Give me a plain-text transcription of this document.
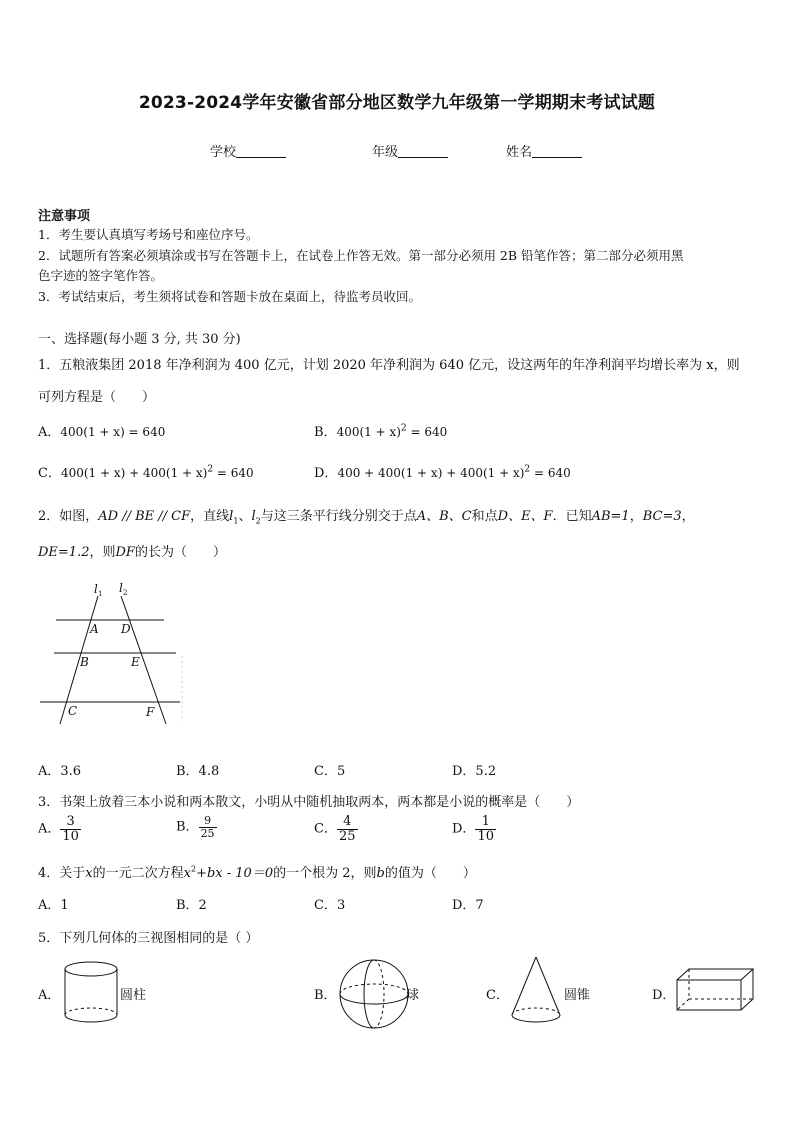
2023-2024学年安徽省部分地区数学九年级第一学期期末考试试题
学校	年级	姓名
注意事项
1．考生要认真填写考场号和座位序号。
2．试题所有答案必须填涂或书写在答题卡上，在试卷上作答无效。第一部分必须用 2B 铅笔作答；第二部分必须用黑
色字迹的签字笔作答。
3．考试结束后，考生须将试卷和答题卡放在桌面上，待监考员收回。
一、选择题(每小题 3 分, 共 30 分)
1．五粮液集团 2018 年净利润为 400 亿元，计划 2020 年净利润为 640 亿元，设这两年的年净利润平均增长率为 x，则
可列方程是（　　）
A．400(1 + x) = 640	B．$400(1 + x)^2 = 640$
C．$400(1 + x) + 400(1 + x)^2 = 640$	D．$400 + 400(1 + x) + 400(1 + x)^2 = 640$
2．如图，AD // BE // CF，直线$l_1$、$l_2$与这三条平行线分别交于点A、B、C和点D、E、F．已知AB=1，BC=3，
DE=1.2，则DF的长为（　　）
l 1 l 2
A D
B	E
C	F
A．3.6	B．4.8	C．5	D．5.2
3．书架上放着三本小说和两本散文，小明从中随机抽取两本，两本都是小说的概率是（　　）
A． $\frac{3}{10}$	B． $\frac{9}{25}$	C． $\frac{4}{25}$	D． $\frac{1}{10}$
4．关于x的一元二次方程$x^2+bx - 10=0$的一个根为 2，则b的值为（　　）
A．1	B．2	C．3	D．7
5．下列几何体的三视图相同的是（ ）
A．	圆柱	B．	球	C．	圆锥	D．
